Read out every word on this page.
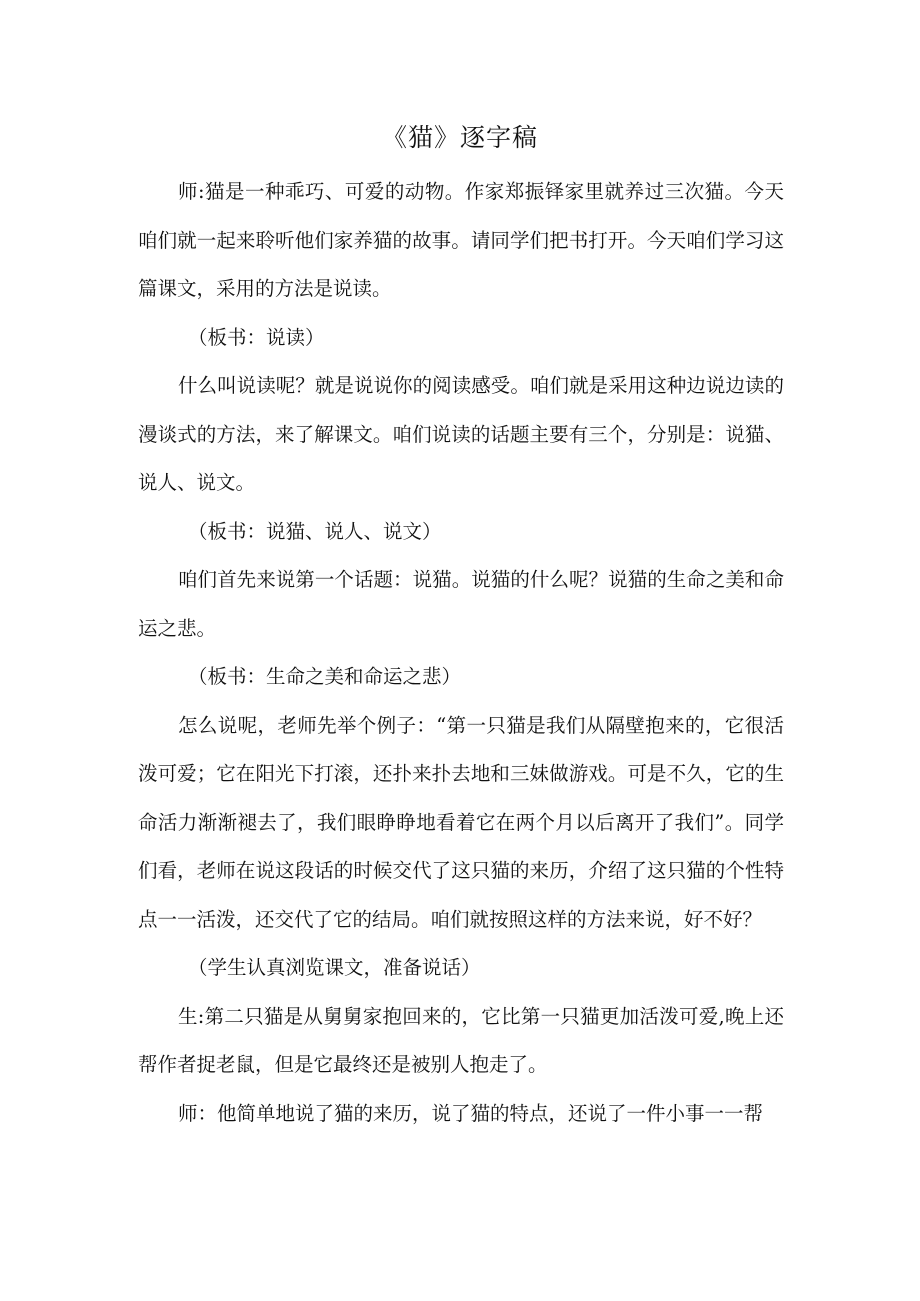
《猫》逐字稿

师:猫是一种乖巧、可爱的动物。作家郑振铎家里就养过三次猫。今天咱们就一起来聆听他们家养猫的故事。请同学们把书打开。今天咱们学习这篇课文，采用的方法是说读。

（板书：说读）

什么叫说读呢？就是说说你的阅读感受。咱们就是采用这种边说边读的漫谈式的方法，来了解课文。咱们说读的话题主要有三个，分别是：说猫、说人、说文。

（板书：说猫、说人、说文）

咱们首先来说第一个话题：说猫。说猫的什么呢？说猫的生命之美和命运之悲。

（板书：生命之美和命运之悲）

怎么说呢，老师先举个例子：“第一只猫是我们从隔壁抱来的，它很活泼可爱；它在阳光下打滚，还扑来扑去地和三妹做游戏。可是不久，它的生命活力渐渐褪去了，我们眼睁睁地看着它在两个月以后离开了我们”。同学们看，老师在说这段话的时候交代了这只猫的来历，介绍了这只猫的个性特点一一活泼，还交代了它的结局。咱们就按照这样的方法来说，好不好？

（学生认真浏览课文，准备说话）

生:第二只猫是从舅舅家抱回来的，它比第一只猫更加活泼可爱,晚上还帮作者捉老鼠，但是它最终还是被别人抱走了。

师：他简单地说了猫的来历，说了猫的特点，还说了一件小事一一帮
